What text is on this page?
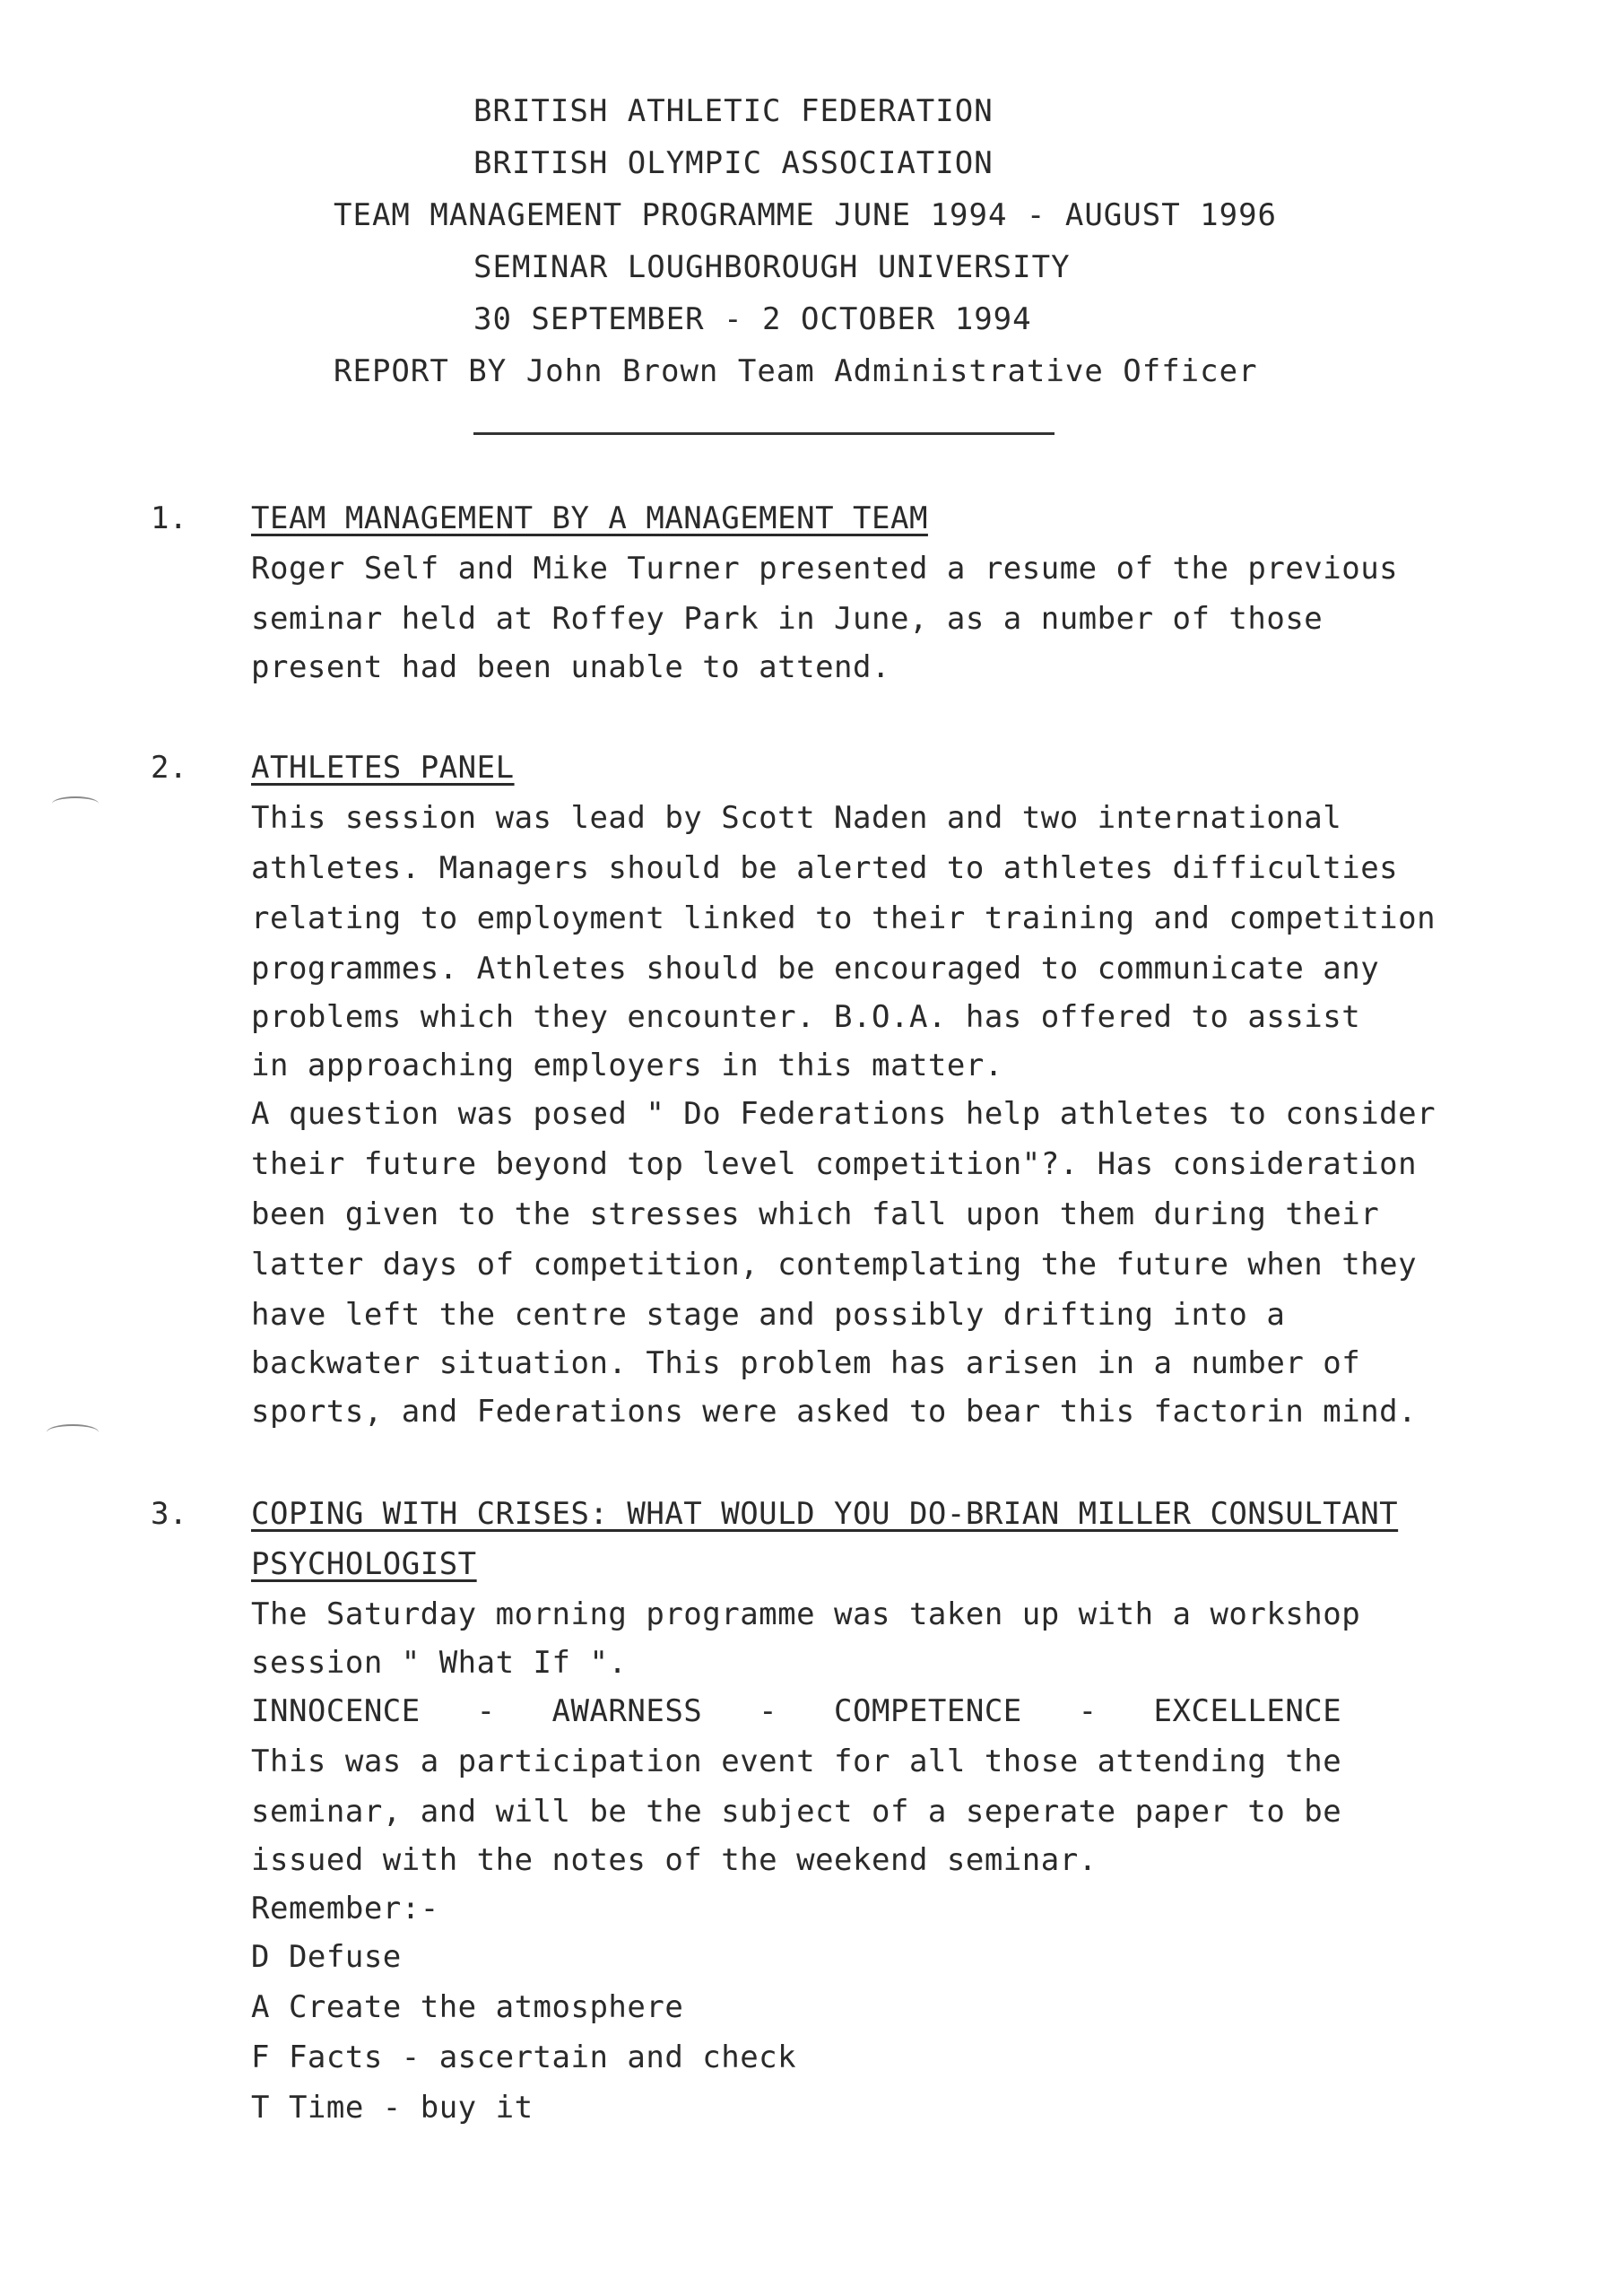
BRITISH ATHLETIC FEDERATION
BRITISH OLYMPIC ASSOCIATION
TEAM MANAGEMENT PROGRAMME JUNE 1994 - AUGUST 1996
SEMINAR LOUGHBOROUGH UNIVERSITY
30 SEPTEMBER - 2 OCTOBER 1994
REPORT BY John Brown Team Administrative Officer
1. TEAM MANAGEMENT BY A MANAGEMENT TEAM
Roger Self and Mike Turner presented a resume of the previous
seminar held at Roffey Park in June, as a number of those
present had been unable to attend.
2. ATHLETES PANEL
This session was lead by Scott Naden and two international
athletes. Managers should be alerted to athletes difficulties
relating to employment linked to their training and competition
programmes. Athletes should be encouraged to communicate any
problems which they encounter. B.O.A. has offered to assist
in approaching employers in this matter.
A question was posed " Do Federations help athletes to consider
their future beyond top level competition"?. Has consideration
been given to the stresses which fall upon them during their
latter days of competition, contemplating the future when they
have left the centre stage and possibly drifting into a
backwater situation. This problem has arisen in a number of
sports, and Federations were asked to bear this factorin mind.
3. COPING WITH CRISES: WHAT WOULD YOU DO-BRIAN MILLER CONSULTANT
PSYCHOLOGIST
The Saturday morning programme was taken up with a workshop
session " What If ".
INNOCENCE   -   AWARNESS   -   COMPETENCE   -   EXCELLENCE
This was a participation event for all those attending the
seminar, and will be the subject of a seperate paper to be
issued with the notes of the weekend seminar.
Remember:-
D Defuse
A Create the atmosphere
F Facts - ascertain and check
T Time - buy it
